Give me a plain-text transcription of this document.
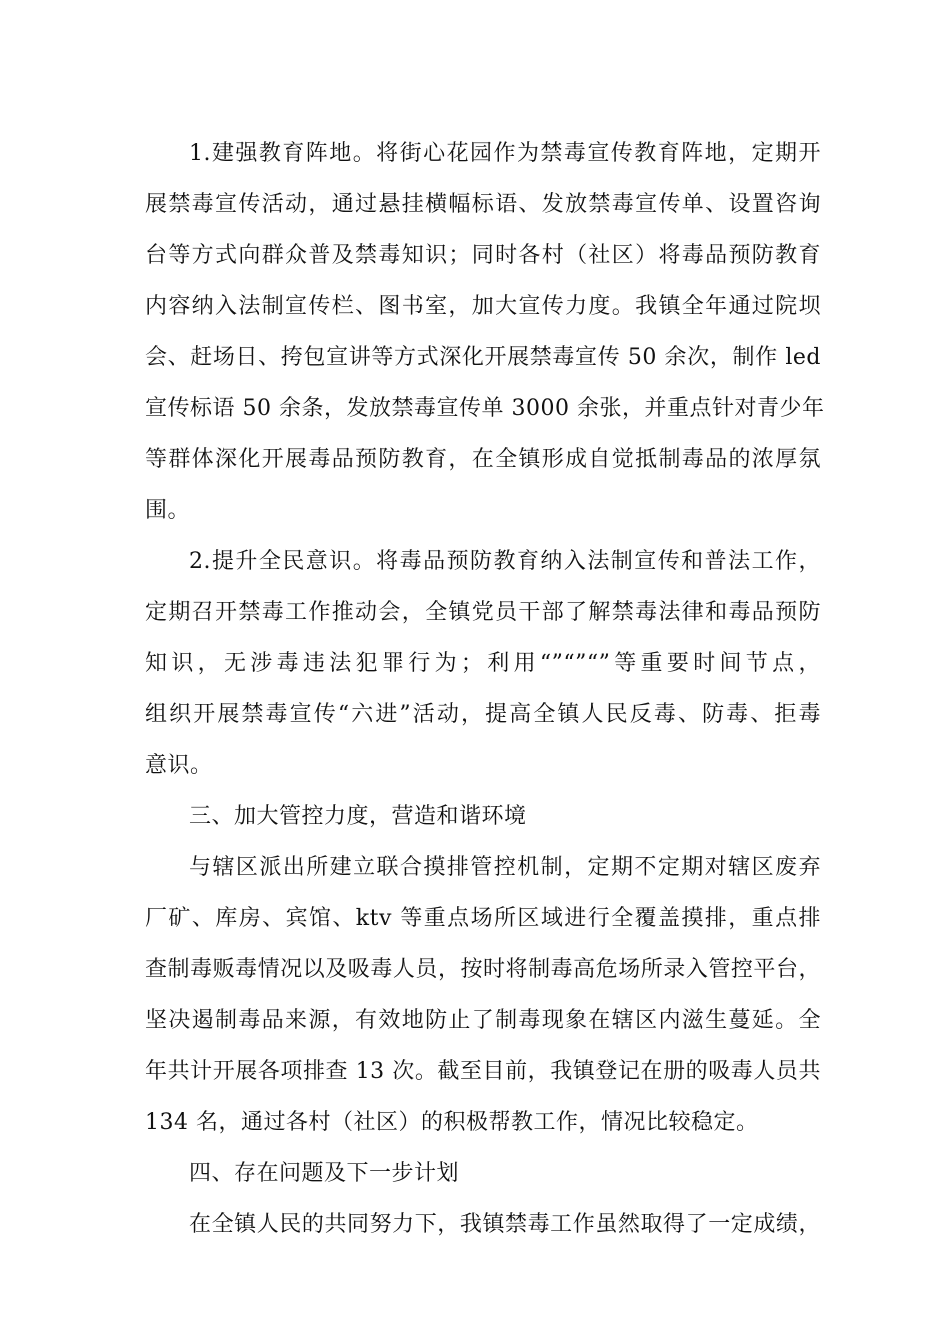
1.建强教育阵地。将街心花园作为禁毒宣传教育阵地，定期开
展禁毒宣传活动，通过悬挂横幅标语、发放禁毒宣传单、设置咨询
台等方式向群众普及禁毒知识；同时各村（社区）将毒品预防教育
内容纳入法制宣传栏、图书室，加大宣传力度。我镇全年通过院坝
会、赶场日、挎包宣讲等方式深化开展禁毒宣传 50 余次，制作 led
宣传标语 50 余条，发放禁毒宣传单 3000 余张，并重点针对青少年
等群体深化开展毒品预防教育，在全镇形成自觉抵制毒品的浓厚氛
围。
2.提升全民意识。将毒品预防教育纳入法制宣传和普法工作，
定期召开禁毒工作推动会，全镇党员干部了解禁毒法律和毒品预防
知识，无涉毒违法犯罪行为；利用“”“”“”等重要时间节点，
组织开展禁毒宣传“六进”活动，提高全镇人民反毒、防毒、拒毒
意识。
三、加大管控力度，营造和谐环境
与辖区派出所建立联合摸排管控机制，定期不定期对辖区废弃
厂矿、库房、宾馆、ktv 等重点场所区域进行全覆盖摸排，重点排
查制毒贩毒情况以及吸毒人员，按时将制毒高危场所录入管控平台，
坚决遏制毒品来源，有效地防止了制毒现象在辖区内滋生蔓延。全
年共计开展各项排查 13 次。截至目前，我镇登记在册的吸毒人员共
134 名，通过各村（社区）的积极帮教工作，情况比较稳定。
四、存在问题及下一步计划
在全镇人民的共同努力下，我镇禁毒工作虽然取得了一定成绩，
